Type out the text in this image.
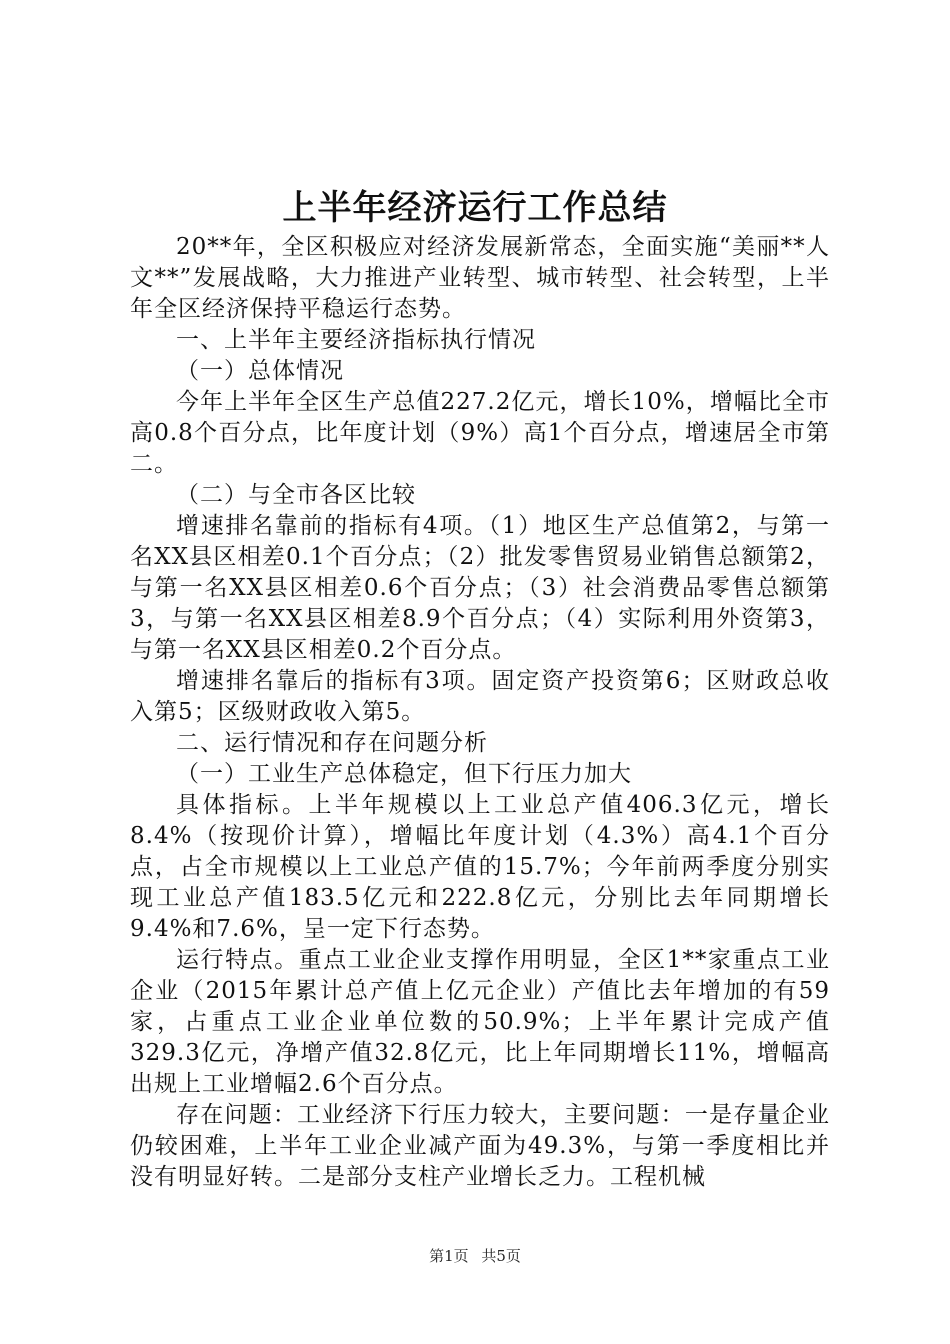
上半年经济运行工作总结

20**年，全区积极应对经济发展新常态，全面实施“美丽**人文**”发展战略，大力推进产业转型、城市转型、社会转型，上半年全区经济保持平稳运行态势。

一、上半年主要经济指标执行情况

（一）总体情况

今年上半年全区生产总值227.2亿元，增长10%，增幅比全市高0.8个百分点，比年度计划（9%）高1个百分点，增速居全市第二。

（二）与全市各区比较

增速排名靠前的指标有4项。（1）地区生产总值第2，与第一名XX县区相差0.1个百分点；（2）批发零售贸易业销售总额第2，与第一名XX县区相差0.6个百分点；（3）社会消费品零售总额第3，与第一名XX县区相差8.9个百分点；（4）实际利用外资第3，与第一名XX县区相差0.2个百分点。

增速排名靠后的指标有3项。固定资产投资第6；区财政总收入第5；区级财政收入第5。

二、运行情况和存在问题分析

（一）工业生产总体稳定，但下行压力加大

具体指标。上半年规模以上工业总产值406.3亿元，增长8.4%（按现价计算），增幅比年度计划（4.3%）高4.1个百分点，占全市规模以上工业总产值的15.7%；今年前两季度分别实现工业总产值183.5亿元和222.8亿元，分别比去年同期增长9.4%和7.6%，呈一定下行态势。

运行特点。重点工业企业支撑作用明显，全区1**家重点工业企业（2015年累计总产值上亿元企业）产值比去年增加的有59家，占重点工业企业单位数的50.9%；上半年累计完成产值329.3亿元，净增产值32.8亿元，比上年同期增长11%，增幅高出规上工业增幅2.6个百分点。

存在问题：工业经济下行压力较大，主要问题：一是存量企业仍较困难，上半年工业企业减产面为49.3%，与第一季度相比并没有明显好转。二是部分支柱产业增长乏力。工程机械

第1页 共5页
